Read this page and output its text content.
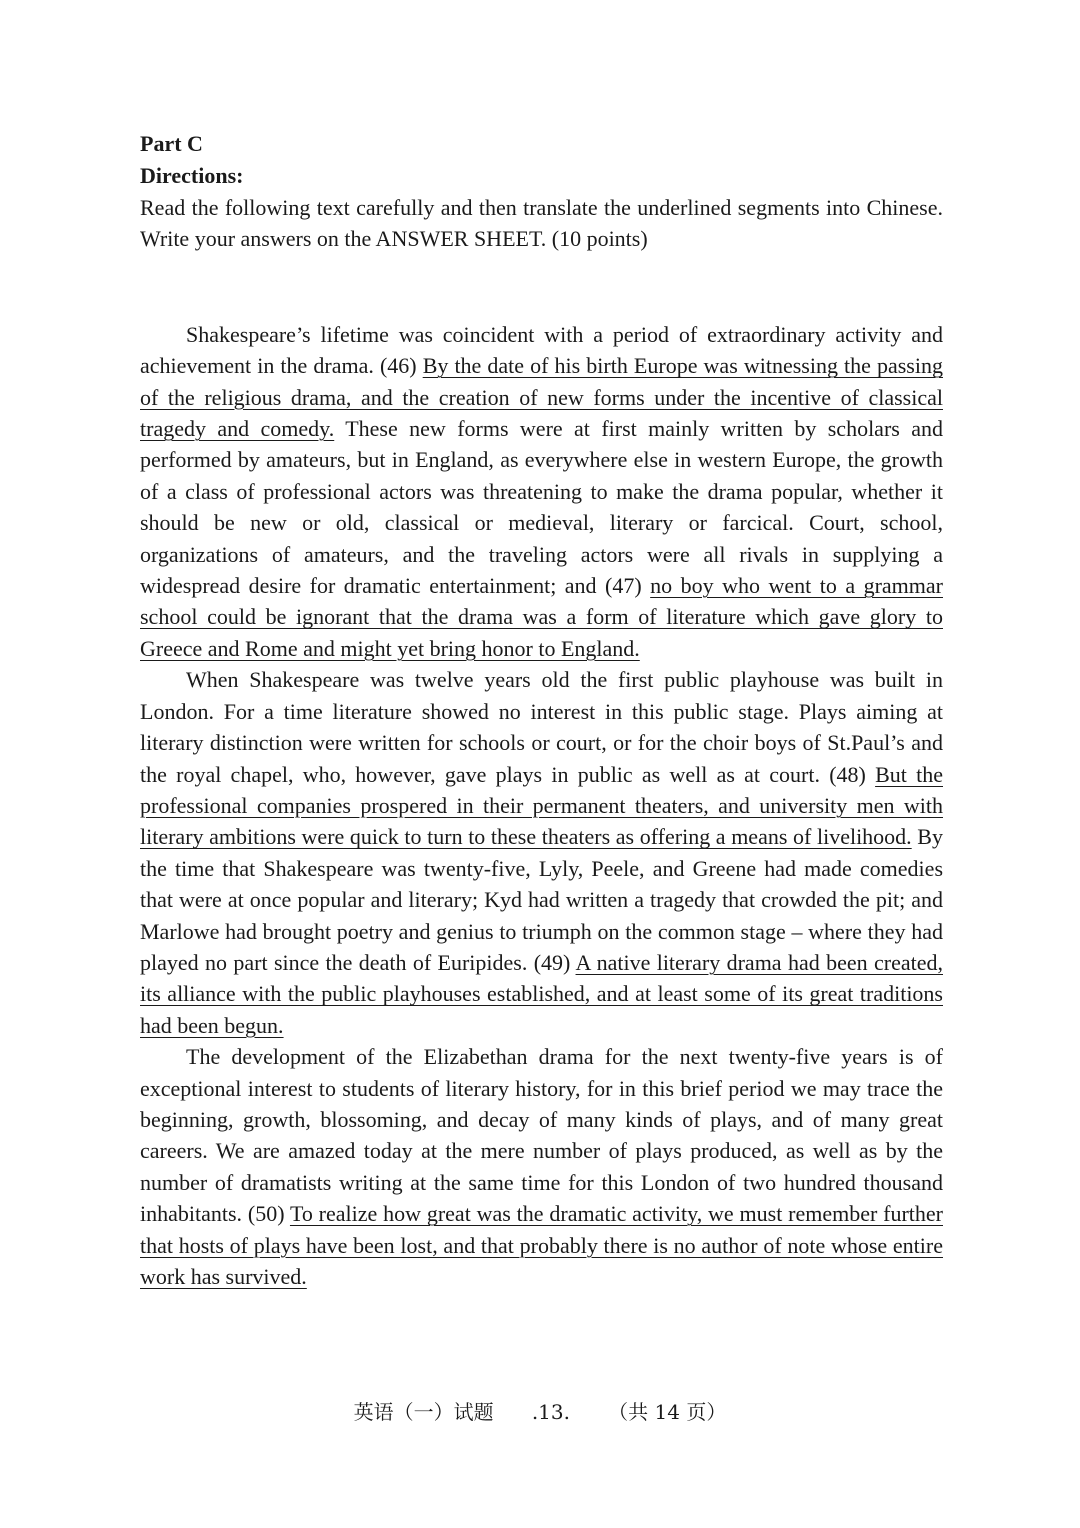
Part C

Directions:

Read the following text carefully and then translate the underlined segments into Chinese. Write your answers on the ANSWER SHEET. (10 points)

Shakespeare’s lifetime was coincident with a period of extraordinary activity and achievement in the drama. (46) By the date of his birth Europe was witnessing the passing of the religious drama, and the creation of new forms under the incentive of classical tragedy and comedy. These new forms were at first mainly written by scholars and performed by amateurs, but in England, as everywhere else in western Europe, the growth of a class of professional actors was threatening to make the drama popular, whether it should be new or old, classical or medieval, literary or farcical. Court, school, organizations of amateurs, and the traveling actors were all rivals in supplying a widespread desire for dramatic entertainment; and (47) no boy who went to a grammar school could be ignorant that the drama was a form of literature which gave glory to Greece and Rome and might yet bring honor to England.

When Shakespeare was twelve years old the first public playhouse was built in London. For a time literature showed no interest in this public stage. Plays aiming at literary distinction were written for schools or court, or for the choir boys of St.Paul’s and the royal chapel, who, however, gave plays in public as well as at court. (48) But the professional companies prospered in their permanent theaters, and university men with literary ambitions were quick to turn to these theaters as offering a means of livelihood. By the time that Shakespeare was twenty-five, Lyly, Peele, and Greene had made comedies that were at once popular and literary; Kyd had written a tragedy that crowded the pit; and Marlowe had brought poetry and genius to triumph on the common stage – where they had played no part since the death of Euripides. (49) A native literary drama had been created, its alliance with the public playhouses established, and at least some of its great traditions had been begun.

The development of the Elizabethan drama for the next twenty-five years is of exceptional interest to students of literary history, for in this brief period we may trace the beginning, growth, blossoming, and decay of many kinds of plays, and of many great careers. We are amazed today at the mere number of plays produced, as well as by the number of dramatists writing at the same time for this London of two hundred thousand inhabitants. (50) To realize how great was the dramatic activity, we must remember further that hosts of plays have been lost, and that probably there is no author of note whose entire work has survived.

英语（一）试题 .13. （共 14 页）
